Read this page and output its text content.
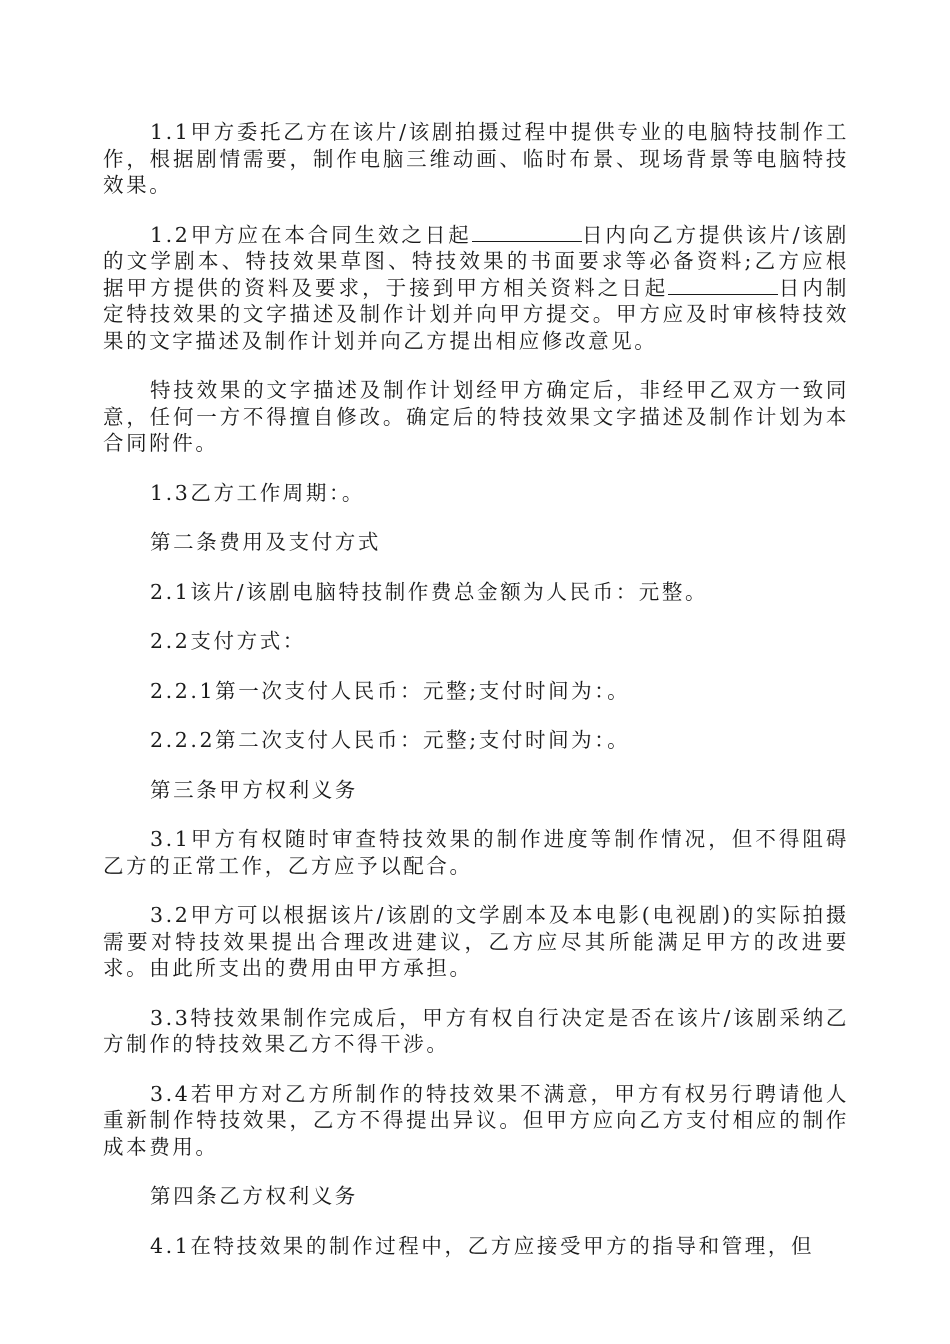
1.1甲方委托乙方在该片/该剧拍摄过程中提供专业的电脑特技制作工作，根据剧情需要，制作电脑三维动画、临时布景、现场背景等电脑特技效果。

1.2甲方应在本合同生效之日起	日内向乙方提供该片/该剧的文学剧本、特技效果草图、特技效果的书面要求等必备资料;乙方应根据甲方提供的资料及要求，于接到甲方相关资料之日起	日内制定特技效果的文字描述及制作计划并向甲方提交。甲方应及时审核特技效果的文字描述及制作计划并向乙方提出相应修改意见。

特技效果的文字描述及制作计划经甲方确定后，非经甲乙双方一致同意，任何一方不得擅自修改。确定后的特技效果文字描述及制作计划为本合同附件。

1.3乙方工作周期：。

第二条费用及支付方式

2.1该片/该剧电脑特技制作费总金额为人民币：元整。

2.2支付方式：

2.2.1第一次支付人民币：元整;支付时间为：。

2.2.2第二次支付人民币：元整;支付时间为：。

第三条甲方权利义务

3.1甲方有权随时审查特技效果的制作进度等制作情况，但不得阻碍乙方的正常工作，乙方应予以配合。

3.2甲方可以根据该片/该剧的文学剧本及本电影(电视剧)的实际拍摄需要对特技效果提出合理改进建议，乙方应尽其所能满足甲方的改进要求。由此所支出的费用由甲方承担。

3.3特技效果制作完成后，甲方有权自行决定是否在该片/该剧采纳乙方制作的特技效果乙方不得干涉。

3.4若甲方对乙方所制作的特技效果不满意，甲方有权另行聘请他人重新制作特技效果，乙方不得提出异议。但甲方应向乙方支付相应的制作成本费用。

第四条乙方权利义务

4.1在特技效果的制作过程中，乙方应接受甲方的指导和管理，但
